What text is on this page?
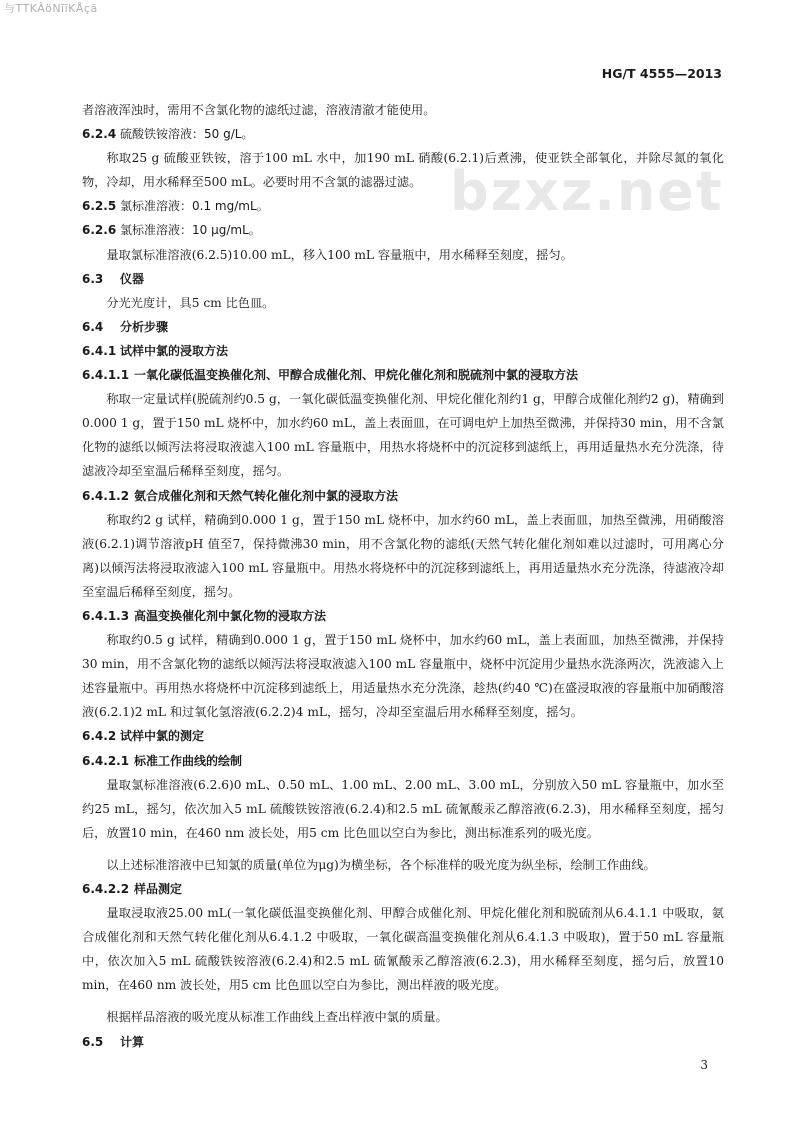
与TTKÂöNīīKÅçā
bzxz.net
HG/T 4555—2013

者溶液浑浊时，需用不含氯化物的滤纸过滤，溶液清澈才能使用。

6.2.4 硫酸铁铵溶液：50 g/L。

称取25 g 硫酸亚铁铵，溶于100 mL 水中，加190 mL 硝酸(6.2.1)后煮沸，使亚铁全部氧化，并除尽氮的氧化物，冷却，用水稀释至500 mL。必要时用不含氯的滤器过滤。

6.2.5 氯标准溶液：0.1 mg/mL。

6.2.6 氯标准溶液：10 μg/mL。

量取氯标准溶液(6.2.5)10.00 mL，移入100 mL 容量瓶中，用水稀释至刻度，摇匀。

6.3 仪器

分光光度计，具5 cm 比色皿。

6.4 分析步骤

6.4.1 试样中氯的浸取方法

6.4.1.1 一氧化碳低温变换催化剂、甲醇合成催化剂、甲烷化催化剂和脱硫剂中氯的浸取方法

称取一定量试样(脱硫剂约0.5 g，一氧化碳低温变换催化剂、甲烷化催化剂约1 g，甲醇合成催化剂约2 g)，精确到0.000 1 g，置于150 mL 烧杯中，加水约60 mL，盖上表面皿，在可调电炉上加热至微沸，并保持30 min，用不含氯化物的滤纸以倾泻法将浸取液滤入100 mL 容量瓶中，用热水将烧杯中的沉淀移到滤纸上，再用适量热水充分洗涤，待滤液冷却至室温后稀释至刻度，摇匀。

6.4.1.2 氨合成催化剂和天然气转化催化剂中氯的浸取方法

称取约2 g 试样，精确到0.000 1 g，置于150 mL 烧杯中，加水约60 mL，盖上表面皿，加热至微沸，用硝酸溶液(6.2.1)调节溶液pH 值至7，保持微沸30 min，用不含氯化物的滤纸(天然气转化催化剂如难以过滤时，可用离心分离)以倾泻法将浸取液滤入100 mL 容量瓶中。用热水将烧杯中的沉淀移到滤纸上，再用适量热水充分洗涤，待滤液冷却至室温后稀释至刻度，摇匀。

6.4.1.3 高温变换催化剂中氯化物的浸取方法

称取约0.5 g 试样，精确到0.000 1 g，置于150 mL 烧杯中，加水约60 mL，盖上表面皿，加热至微沸，并保持30 min，用不含氯化物的滤纸以倾泻法将浸取液滤入100 mL 容量瓶中，烧杯中沉淀用少量热水洗涤两次，洗液滤入上述容量瓶中。再用热水将烧杯中沉淀移到滤纸上，用适量热水充分洗涤，趁热(约40 ℃)在盛浸取液的容量瓶中加硝酸溶液(6.2.1)2 mL 和过氧化氢溶液(6.2.2)4 mL，摇匀，冷却至室温后用水稀释至刻度，摇匀。

6.4.2 试样中氯的测定

6.4.2.1 标准工作曲线的绘制

量取氯标准溶液(6.2.6)0 mL、0.50 mL、1.00 mL、2.00 mL、3.00 mL，分别放入50 mL 容量瓶中，加水至约25 mL，摇匀，依次加入5 mL 硫酸铁铵溶液(6.2.4)和2.5 mL 硫氰酸汞乙醇溶液(6.2.3)，用水稀释至刻度，摇匀后，放置10 min，在460 nm 波长处，用5 cm 比色皿以空白为参比，测出标准系列的吸光度。

以上述标准溶液中已知氯的质量(单位为μg)为横坐标，各个标准样的吸光度为纵坐标，绘制工作曲线。

6.4.2.2 样品测定

量取浸取液25.00 mL(一氧化碳低温变换催化剂、甲醇合成催化剂、甲烷化催化剂和脱硫剂从6.4.1.1 中吸取，氨合成催化剂和天然气转化催化剂从6.4.1.2 中吸取，一氧化碳高温变换催化剂从6.4.1.3 中吸取)，置于50 mL 容量瓶中，依次加入5 mL 硫酸铁铵溶液(6.2.4)和2.5 mL 硫氰酸汞乙醇溶液(6.2.3)，用水稀释至刻度，摇匀后，放置10 min，在460 nm 波长处，用5 cm 比色皿以空白为参比，测出样液的吸光度。

根据样品溶液的吸光度从标准工作曲线上查出样液中氯的质量。

6.5 计算

3
